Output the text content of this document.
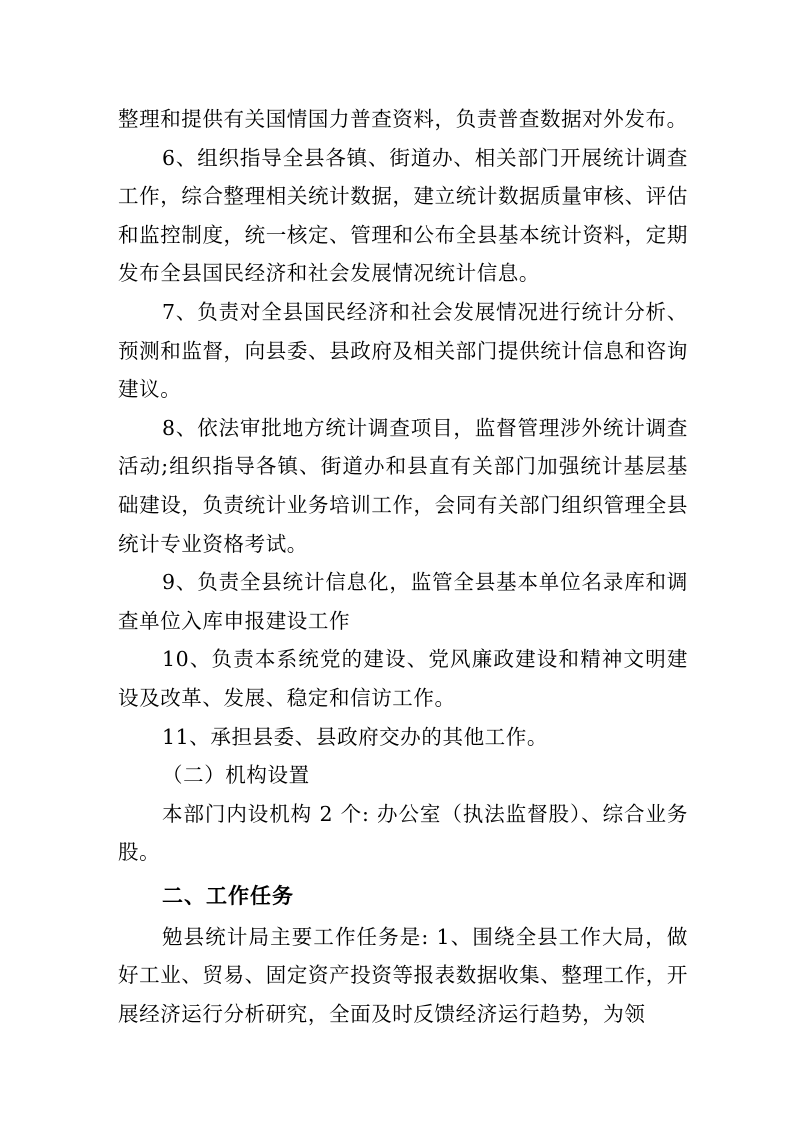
整理和提供有关国情国力普查资料，负责普查数据对外发布。

6、组织指导全县各镇、街道办、相关部门开展统计调查工作，综合整理相关统计数据，建立统计数据质量审核、评估和监控制度，统一核定、管理和公布全县基本统计资料，定期发布全县国民经济和社会发展情况统计信息。

7、负责对全县国民经济和社会发展情况进行统计分析、预测和监督，向县委、县政府及相关部门提供统计信息和咨询建议。

8、依法审批地方统计调查项目，监督管理涉外统计调查活动;组织指导各镇、街道办和县直有关部门加强统计基层基础建设，负责统计业务培训工作，会同有关部门组织管理全县统计专业资格考试。

9、负责全县统计信息化，监管全县基本单位名录库和调查单位入库申报建设工作

10、负责本系统党的建设、党风廉政建设和精神文明建设及改革、发展、稳定和信访工作。

11、承担县委、县政府交办的其他工作。

（二）机构设置

本部门内设机构 2 个: 办公室（执法监督股）、综合业务股。

二、工作任务

勉县统计局主要工作任务是: 1、围绕全县工作大局，做好工业、贸易、固定资产投资等报表数据收集、整理工作，开展经济运行分析研究，全面及时反馈经济运行趋势，为领
